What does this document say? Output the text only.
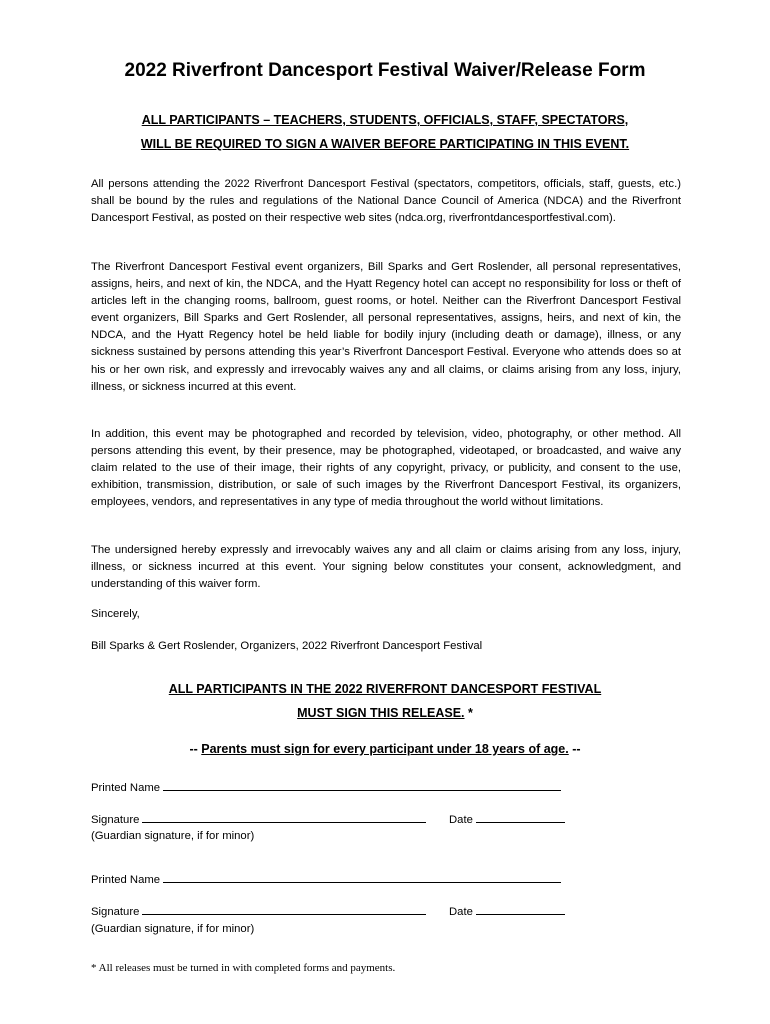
2022 Riverfront Dancesport Festival Waiver/Release Form
ALL PARTICIPANTS – TEACHERS, STUDENTS, OFFICIALS, STAFF, SPECTATORS,
WILL BE REQUIRED TO SIGN A WAIVER BEFORE PARTICIPATING IN THIS EVENT.
All persons attending the 2022 Riverfront Dancesport Festival (spectators, competitors, officials, staff, guests, etc.) shall be bound by the rules and regulations of the National Dance Council of America (NDCA) and the Riverfront Dancesport Festival, as posted on their respective web sites (ndca.org, riverfrontdancesportfestival.com).
The Riverfront Dancesport Festival event organizers, Bill Sparks and Gert Roslender, all personal representatives, assigns, heirs, and next of kin, the NDCA, and the Hyatt Regency hotel can accept no responsibility for loss or theft of articles left in the changing rooms, ballroom, guest rooms, or hotel. Neither can the Riverfront Dancesport Festival event organizers, Bill Sparks and Gert Roslender, all personal representatives, assigns, heirs, and next of kin, the NDCA, and the Hyatt Regency hotel be held liable for bodily injury (including death or damage), illness, or any sickness sustained by persons attending this year’s Riverfront Dancesport Festival. Everyone who attends does so at his or her own risk, and expressly and irrevocably waives any and all claims, or claims arising from any loss, injury, illness, or sickness incurred at this event.
In addition, this event may be photographed and recorded by television, video, photography, or other method. All persons attending this event, by their presence, may be photographed, videotaped, or broadcasted, and waive any claim related to the use of their image, their rights of any copyright, privacy, or publicity, and consent to the use, exhibition, transmission, distribution, or sale of such images by the Riverfront Dancesport Festival, its organizers, employees, vendors, and representatives in any type of media throughout the world without limitations.
The undersigned hereby expressly and irrevocably waives any and all claim or claims arising from any loss, injury, illness, or sickness incurred at this event. Your signing below constitutes your consent, acknowledgment, and understanding of this waiver form.
Sincerely,
Bill Sparks & Gert Roslender, Organizers, 2022 Riverfront Dancesport Festival
ALL PARTICIPANTS IN THE 2022 RIVERFRONT DANCESPORT FESTIVAL
MUST SIGN THIS RELEASE. *
-- Parents must sign for every participant under 18 years of age. --
Printed Name
Signature	Date
(Guardian signature, if for minor)
Printed Name
Signature	Date
(Guardian signature, if for minor)
* All releases must be turned in with completed forms and payments.
